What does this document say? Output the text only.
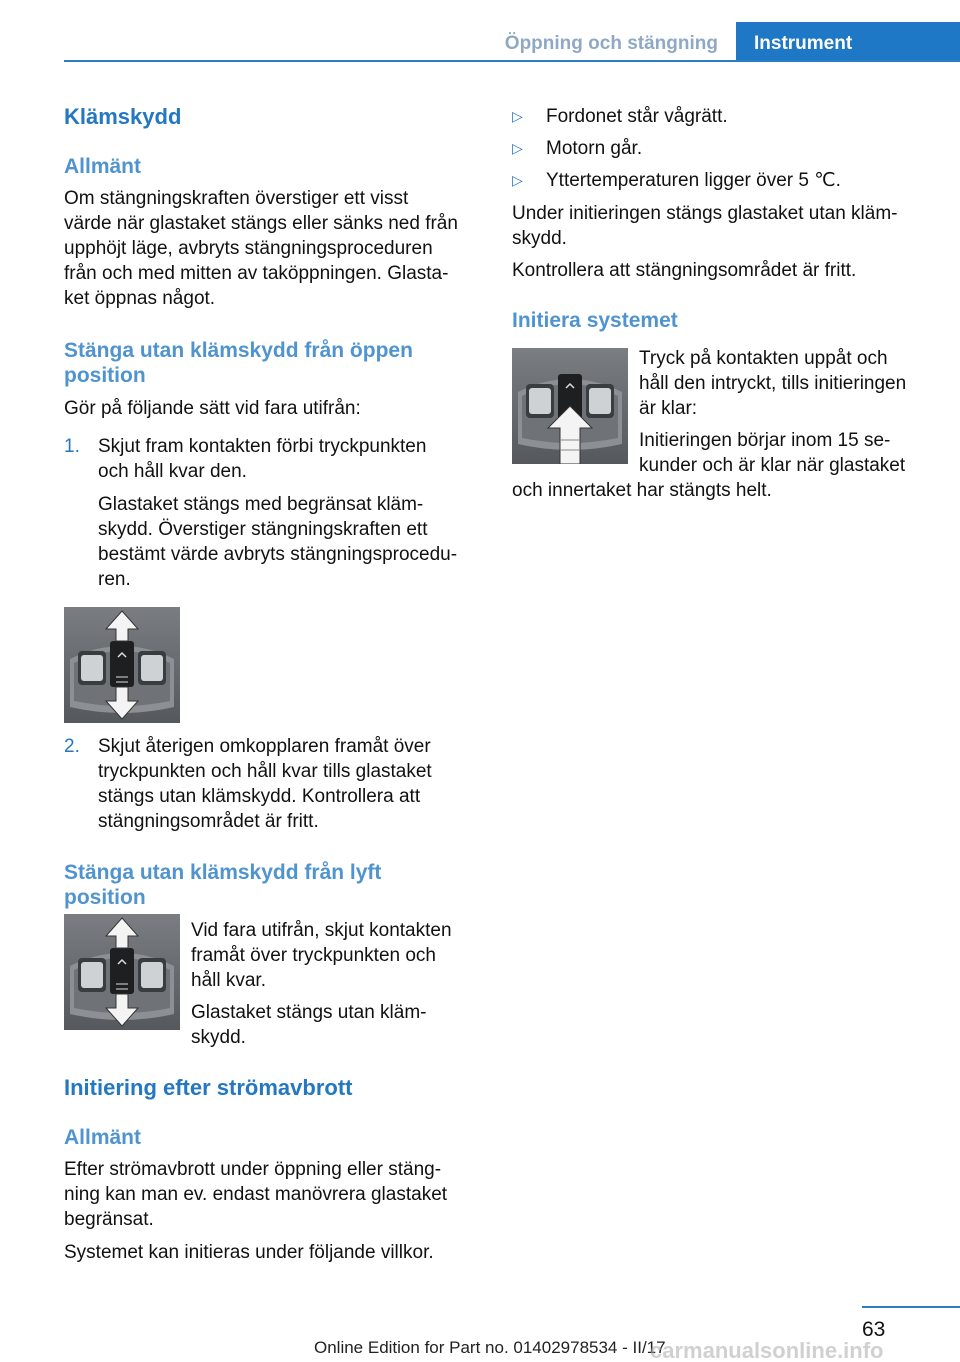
Öppning och stängning	Instrument
Klämskydd
Allmänt
Om stängningskraften överstiger ett visst
värde när glastaket stängs eller sänks ned från
upphöjt läge, avbryts stängningsproceduren
från och med mitten av taköppningen. Glasta-
ket öppnas något.
Stänga utan klämskydd från öppen
position
Gör på följande sätt vid fara utifrån:
1. Skjut fram kontakten förbi tryckpunkten
och håll kvar den.
Glastaket stängs med begränsat kläm-
skydd. Överstiger stängningskraften ett
bestämt värde avbryts stängningsprocedu-
ren.
2. Skjut återigen omkopplaren framåt över
tryckpunkten och håll kvar tills glastaket
stängs utan klämskydd. Kontrollera att
stängningsområdet är fritt.
Stänga utan klämskydd från lyft
position
Vid fara utifrån, skjut kontakten
framåt över tryckpunkten och
håll kvar.
Glastaket stängs utan kläm-
skydd.
Initiering efter strömavbrott
Allmänt
Efter strömavbrott under öppning eller stäng-
ning kan man ev. endast manövrera glastaket
begränsat.
Systemet kan initieras under följande villkor.
▷ Fordonet står vågrätt.
▷ Motorn går.
▷ Yttertemperaturen ligger över 5 ℃.
Under initieringen stängs glastaket utan kläm-
skydd.
Kontrollera att stängningsområdet är fritt.
Initiera systemet
Tryck på kontakten uppåt och
håll den intryckt, tills initieringen
är klar:
Initieringen börjar inom 15 se-
kunder och är klar när glastaket
och innertaket har stängts helt.
63
Online Edition for Part no. 01402978534 - II/17
carmanualsonline.info
